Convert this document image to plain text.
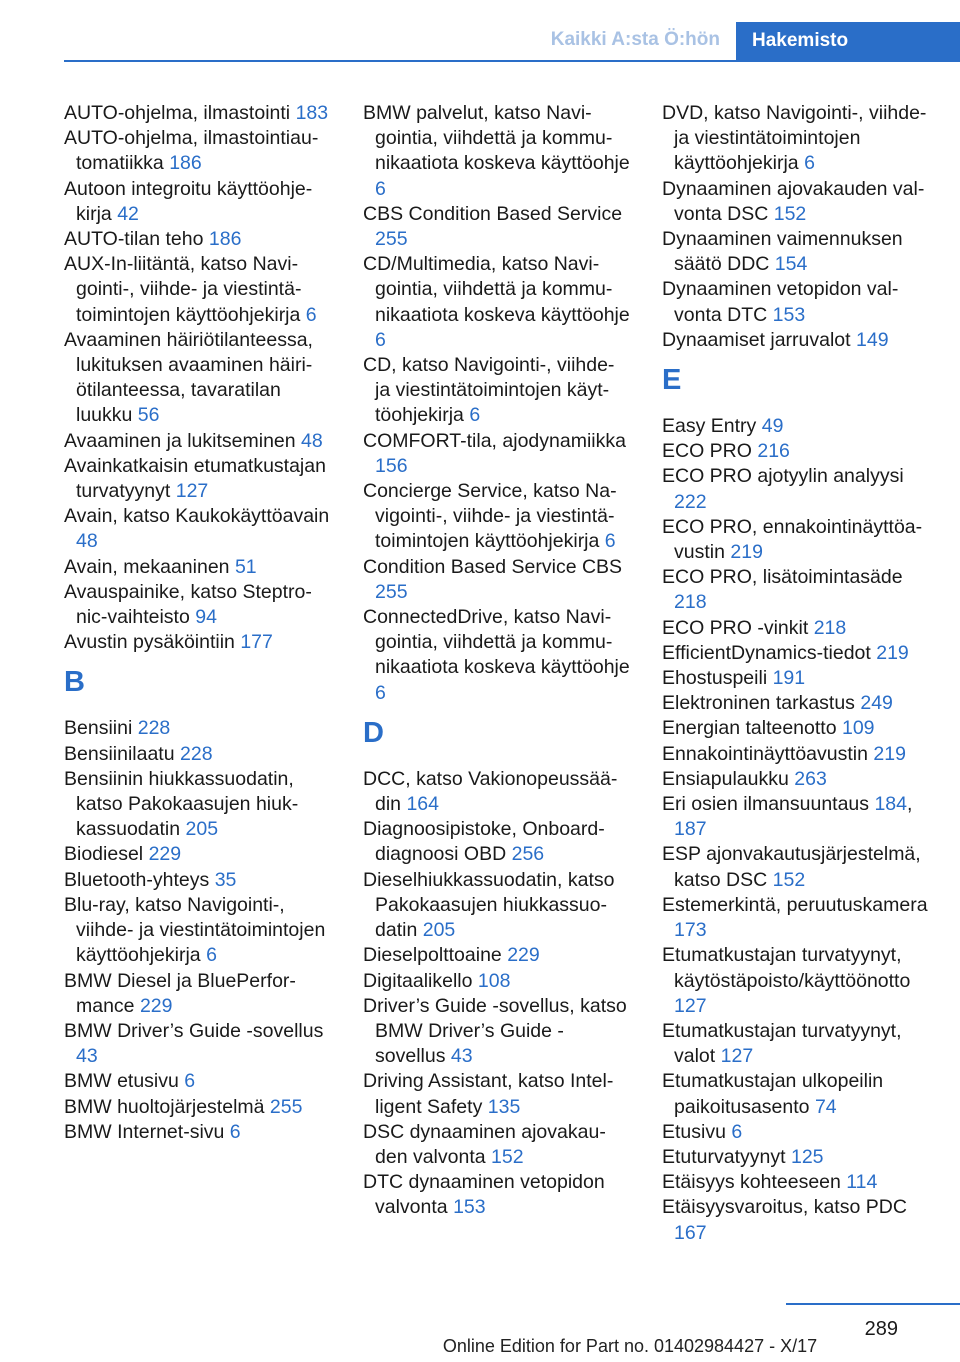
Kaikki A:sta Ö:hön	Hakemisto
AUTO-ohjelma, ilmastointi 183
AUTO-ohjelma, ilmastointiautomatiikka 186
Autoon integroitu käyttöohjekirja 42
AUTO-tilan teho 186
AUX-In-liitäntä, katso Navigointi-, viihde- ja viestintätoimintojen käyttöohjekirja 6
Avaaminen häiriötilanteessa, lukituksen avaaminen häiriötilanteessa, tavaratilan luukku 56
Avaaminen ja lukitseminen 48
Avainkatkaisin etumatkustajan turvatyynyt 127
Avain, katso Kaukokäyttöavain 48
Avain, mekaaninen 51
Avauspainike, katso Steptronic-vaihteisto 94
Avustin pysäköintiin 177
B
Bensiini 228
Bensiinilaatu 228
Bensiinin hiukkassuodatin, katso Pakokaasujen hiukkassuodatin 205
Biodiesel 229
Bluetooth-yhteys 35
Blu-ray, katso Navigointi-, viihde- ja viestintätoimintojen käyttöohjekirja 6
BMW Diesel ja BluePerformance 229
BMW Driver’s Guide -sovellus 43
BMW etusivu 6
BMW huoltojärjestelmä 255
BMW Internet-sivu 6
BMW palvelut, katso Navigointia, viihdettä ja kommunikaatiota koskeva käyttöohje 6
CBS Condition Based Service 255
CD/Multimedia, katso Navigointia, viihdettä ja kommunikaatiota koskeva käyttöohje 6
CD, katso Navigointi-, viihde- ja viestintätoimintojen käyttöohjekirja 6
COMFORT-tila, ajodynamiikka 156
Concierge Service, katso Navigointi-, viihde- ja viestintätoimintojen käyttöohjekirja 6
Condition Based Service CBS 255
ConnectedDrive, katso Navigointia, viihdettä ja kommunikaatiota koskeva käyttöohje 6
D
DCC, katso Vakionopeussäädin 164
Diagnoosipistoke, Onboard-diagnoosi OBD 256
Dieselhiukkassuodatin, katso Pakokaasujen hiukkassuodatin 205
Dieselpolttoaine 229
Digitaalikello 108
Driver’s Guide -sovellus, katso BMW Driver’s Guide -sovellus 43
Driving Assistant, katso Intelligent Safety 135
DSC dynaaminen ajovakauden valvonta 152
DTC dynaaminen vetopidon valvonta 153
DVD, katso Navigointi-, viihde- ja viestintätoimintojen käyttöohjekirja 6
Dynaaminen ajovakauden valvonta DSC 152
Dynaaminen vaimennuksen säätö DDC 154
Dynaaminen vetopidon valvonta DTC 153
Dynaamiset jarruvalot 149
E
Easy Entry 49
ECO PRO 216
ECO PRO ajotyylin analyysi 222
ECO PRO, ennakointinäyttöavustin 219
ECO PRO, lisätoimintasäde 218
ECO PRO -vinkit 218
EfficientDynamics-tiedot 219
Ehostuspeili 191
Elektroninen tarkastus 249
Energian talteenotto 109
Ennakointinäyttöavustin 219
Ensiapulaukku 263
Eri osien ilmansuuntaus 184, 187
ESP ajonvakautusjärjestelmä, katso DSC 152
Estemerkintä, peruutuskamera 173
Etumatkustajan turvatyynyt, käytöstäpoisto/käyttöönotto 127
Etumatkustajan turvatyynyt, valot 127
Etumatkustajan ulkopeilin paikoitusasento 74
Etusivu 6
Etuturvatyynyt 125
Etäisyys kohteeseen 114
Etäisyysvaroitus, katso PDC 167
289
Online Edition for Part no. 01402984427 - X/17
